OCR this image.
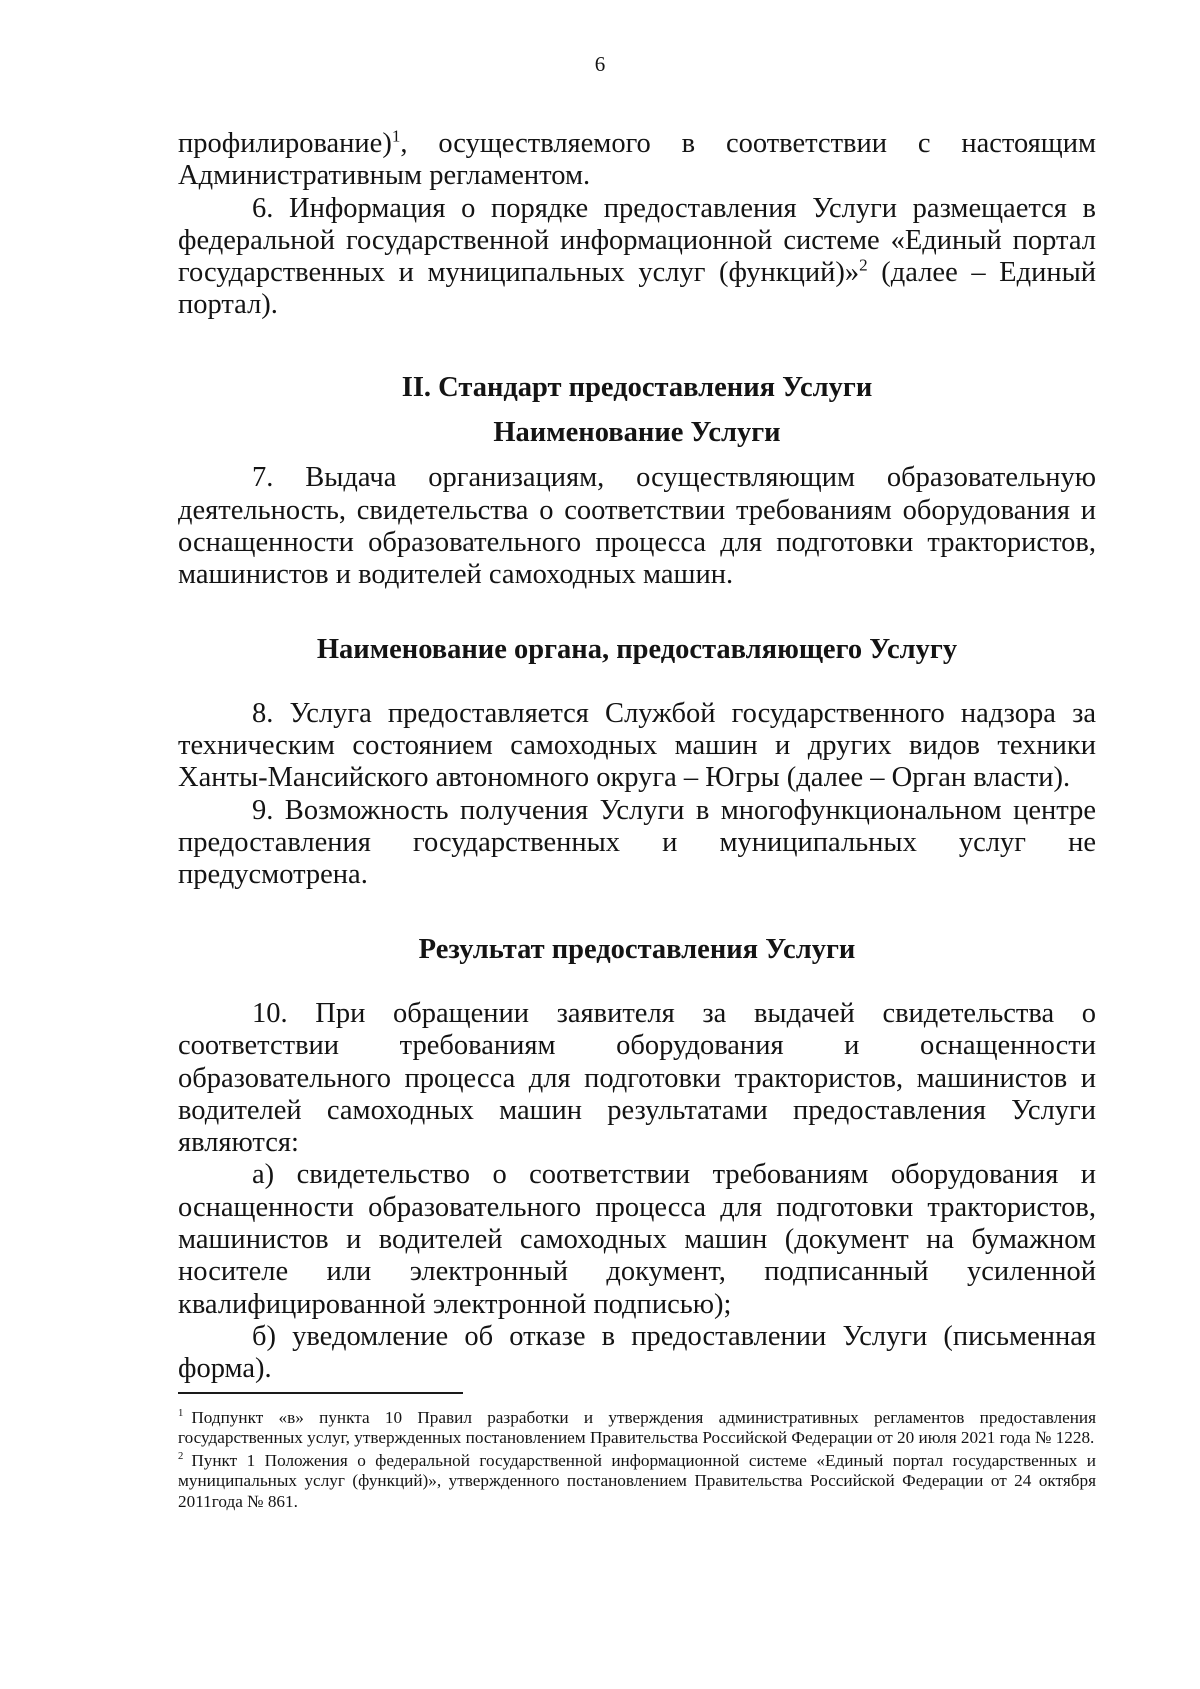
6

профилирование)$^1$, осуществляемого в соответствии с настоящим Административным регламентом.

6. Информация о порядке предоставления Услуги размещается в федеральной государственной информационной системе «Единый портал государственных и муниципальных услуг (функций)»$^2$ (далее – Единый портал).

II. Стандарт предоставления Услуги

Наименование Услуги

7. Выдача организациям, осуществляющим образовательную деятельность, свидетельства о соответствии требованиям оборудования и оснащенности образовательного процесса для подготовки трактористов, машинистов и водителей самоходных машин.

Наименование органа, предоставляющего Услугу

8. Услуга предоставляется Службой государственного надзора за техническим состоянием самоходных машин и других видов техники Ханты-Мансийского автономного округа – Югры (далее – Орган власти).

9. Возможность получения Услуги в многофункциональном центре предоставления государственных и муниципальных услуг не предусмотрена.

Результат предоставления Услуги

10. При обращении заявителя за выдачей свидетельства о соответствии требованиям оборудования и оснащенности образовательного процесса для подготовки трактористов, машинистов и водителей самоходных машин результатами предоставления Услуги являются:

а) свидетельство о соответствии требованиям оборудования и оснащенности образовательного процесса для подготовки трактористов, машинистов и водителей самоходных машин (документ на бумажном носителе или электронный документ, подписанный усиленной квалифицированной электронной подписью);

б) уведомление об отказе в предоставлении Услуги (письменная форма).

$^1$ Подпункт «в» пункта 10 Правил разработки и утверждения административных регламентов предоставления государственных услуг, утвержденных постановлением Правительства Российской Федерации от 20 июля 2021 года № 1228.

$^2$ Пункт 1 Положения о федеральной государственной информационной системе «Единый портал государственных и муниципальных услуг (функций)», утвержденного постановлением Правительства Российской Федерации от 24 октября 2011года № 861.
